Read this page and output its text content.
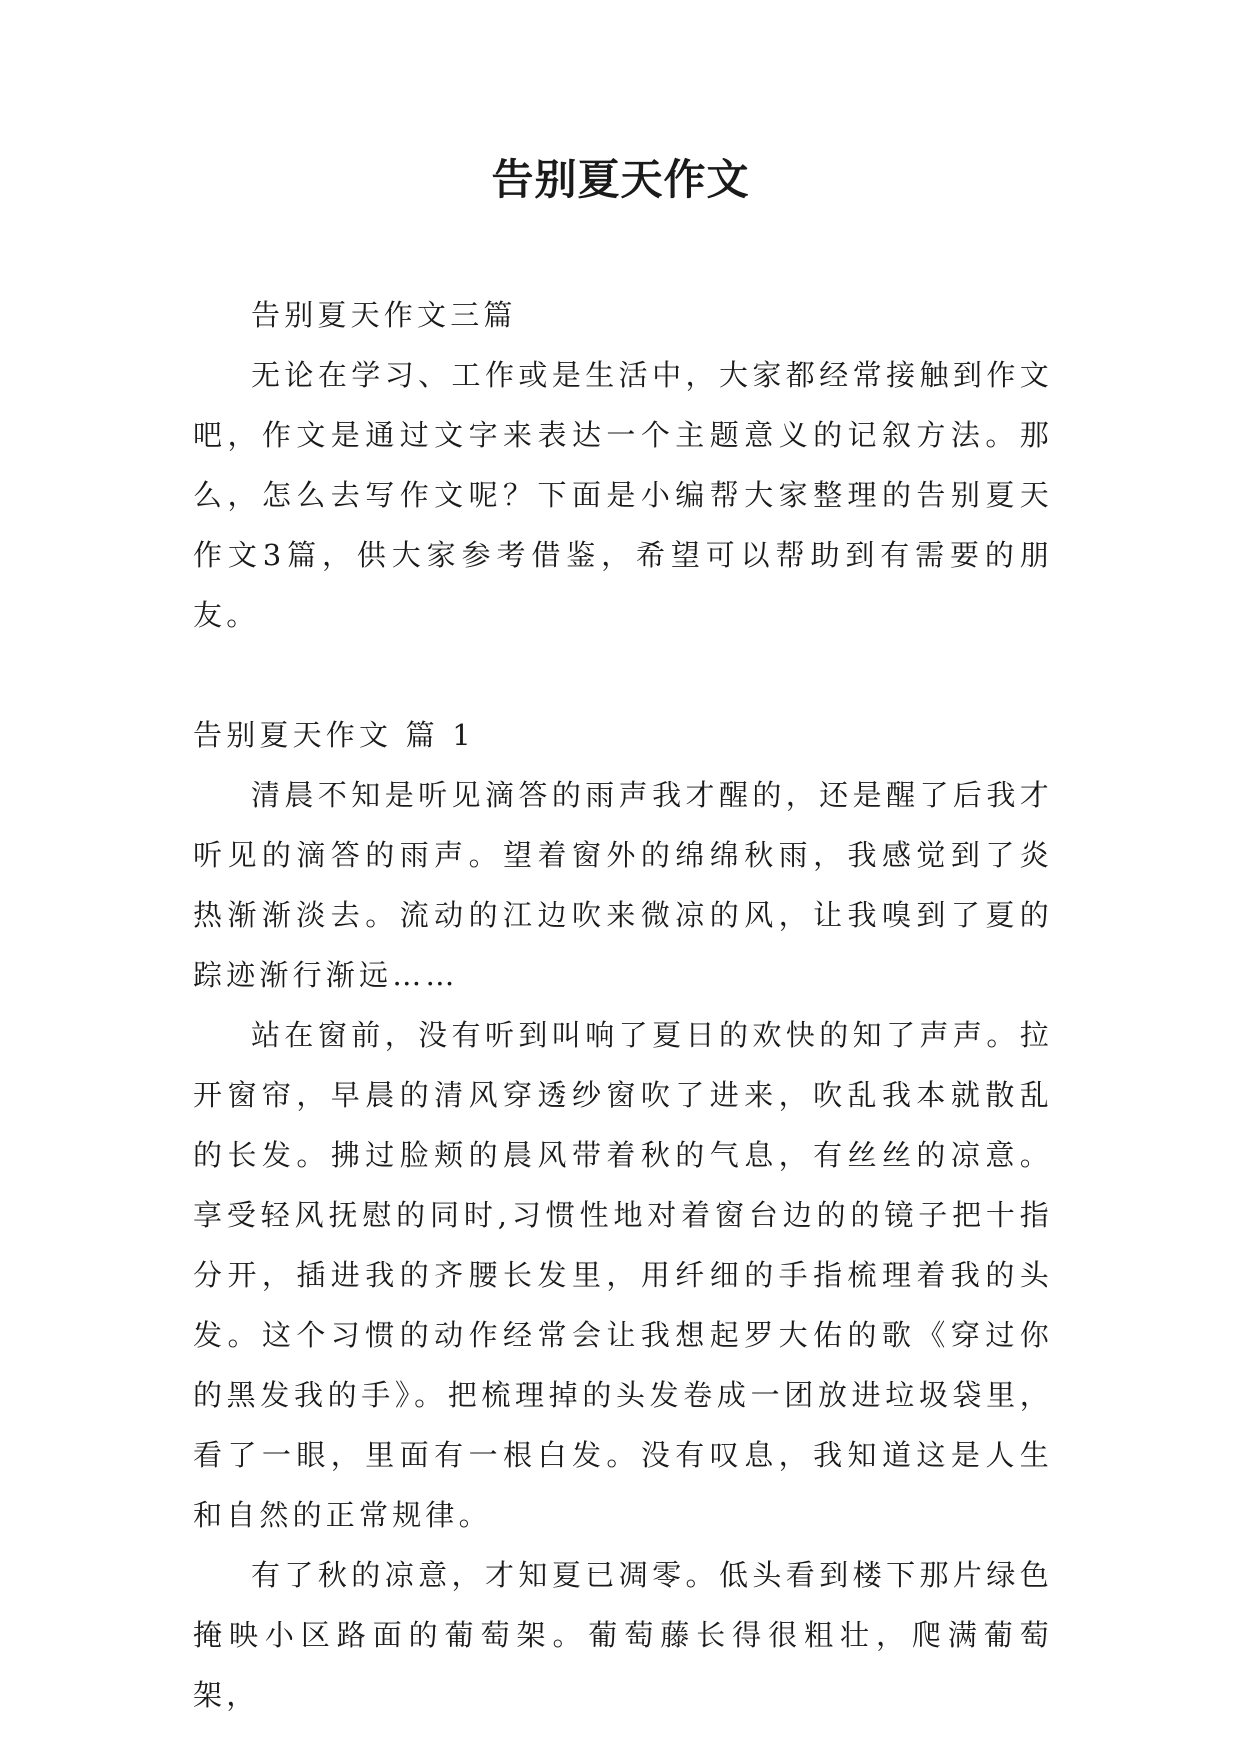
告别夏天作文

告别夏天作文三篇

无论在学习、工作或是生活中，大家都经常接触到作文吧，作文是通过文字来表达一个主题意义的记叙方法。那么，怎么去写作文呢？下面是小编帮大家整理的告别夏天作文3篇，供大家参考借鉴，希望可以帮助到有需要的朋友。

告别夏天作文 篇 1

清晨不知是听见滴答的雨声我才醒的，还是醒了后我才听见的滴答的雨声。望着窗外的绵绵秋雨，我感觉到了炎热渐渐淡去。流动的江边吹来微凉的风，让我嗅到了夏的踪迹渐行渐远……

站在窗前，没有听到叫响了夏日的欢快的知了声声。拉开窗帘，早晨的清风穿透纱窗吹了进来，吹乱我本就散乱的长发。拂过脸颊的晨风带着秋的气息，有丝丝的凉意。享受轻风抚慰的同时,习惯性地对着窗台边的的镜子把十指分开，插进我的齐腰长发里，用纤细的手指梳理着我的头发。这个习惯的动作经常会让我想起罗大佑的歌《穿过你的黑发我的手》。把梳理掉的头发卷成一团放进垃圾袋里，看了一眼，里面有一根白发。没有叹息，我知道这是人生和自然的正常规律。

有了秋的凉意，才知夏已凋零。低头看到楼下那片绿色掩映小区路面的葡萄架。葡萄藤长得很粗壮，爬满葡萄架，
